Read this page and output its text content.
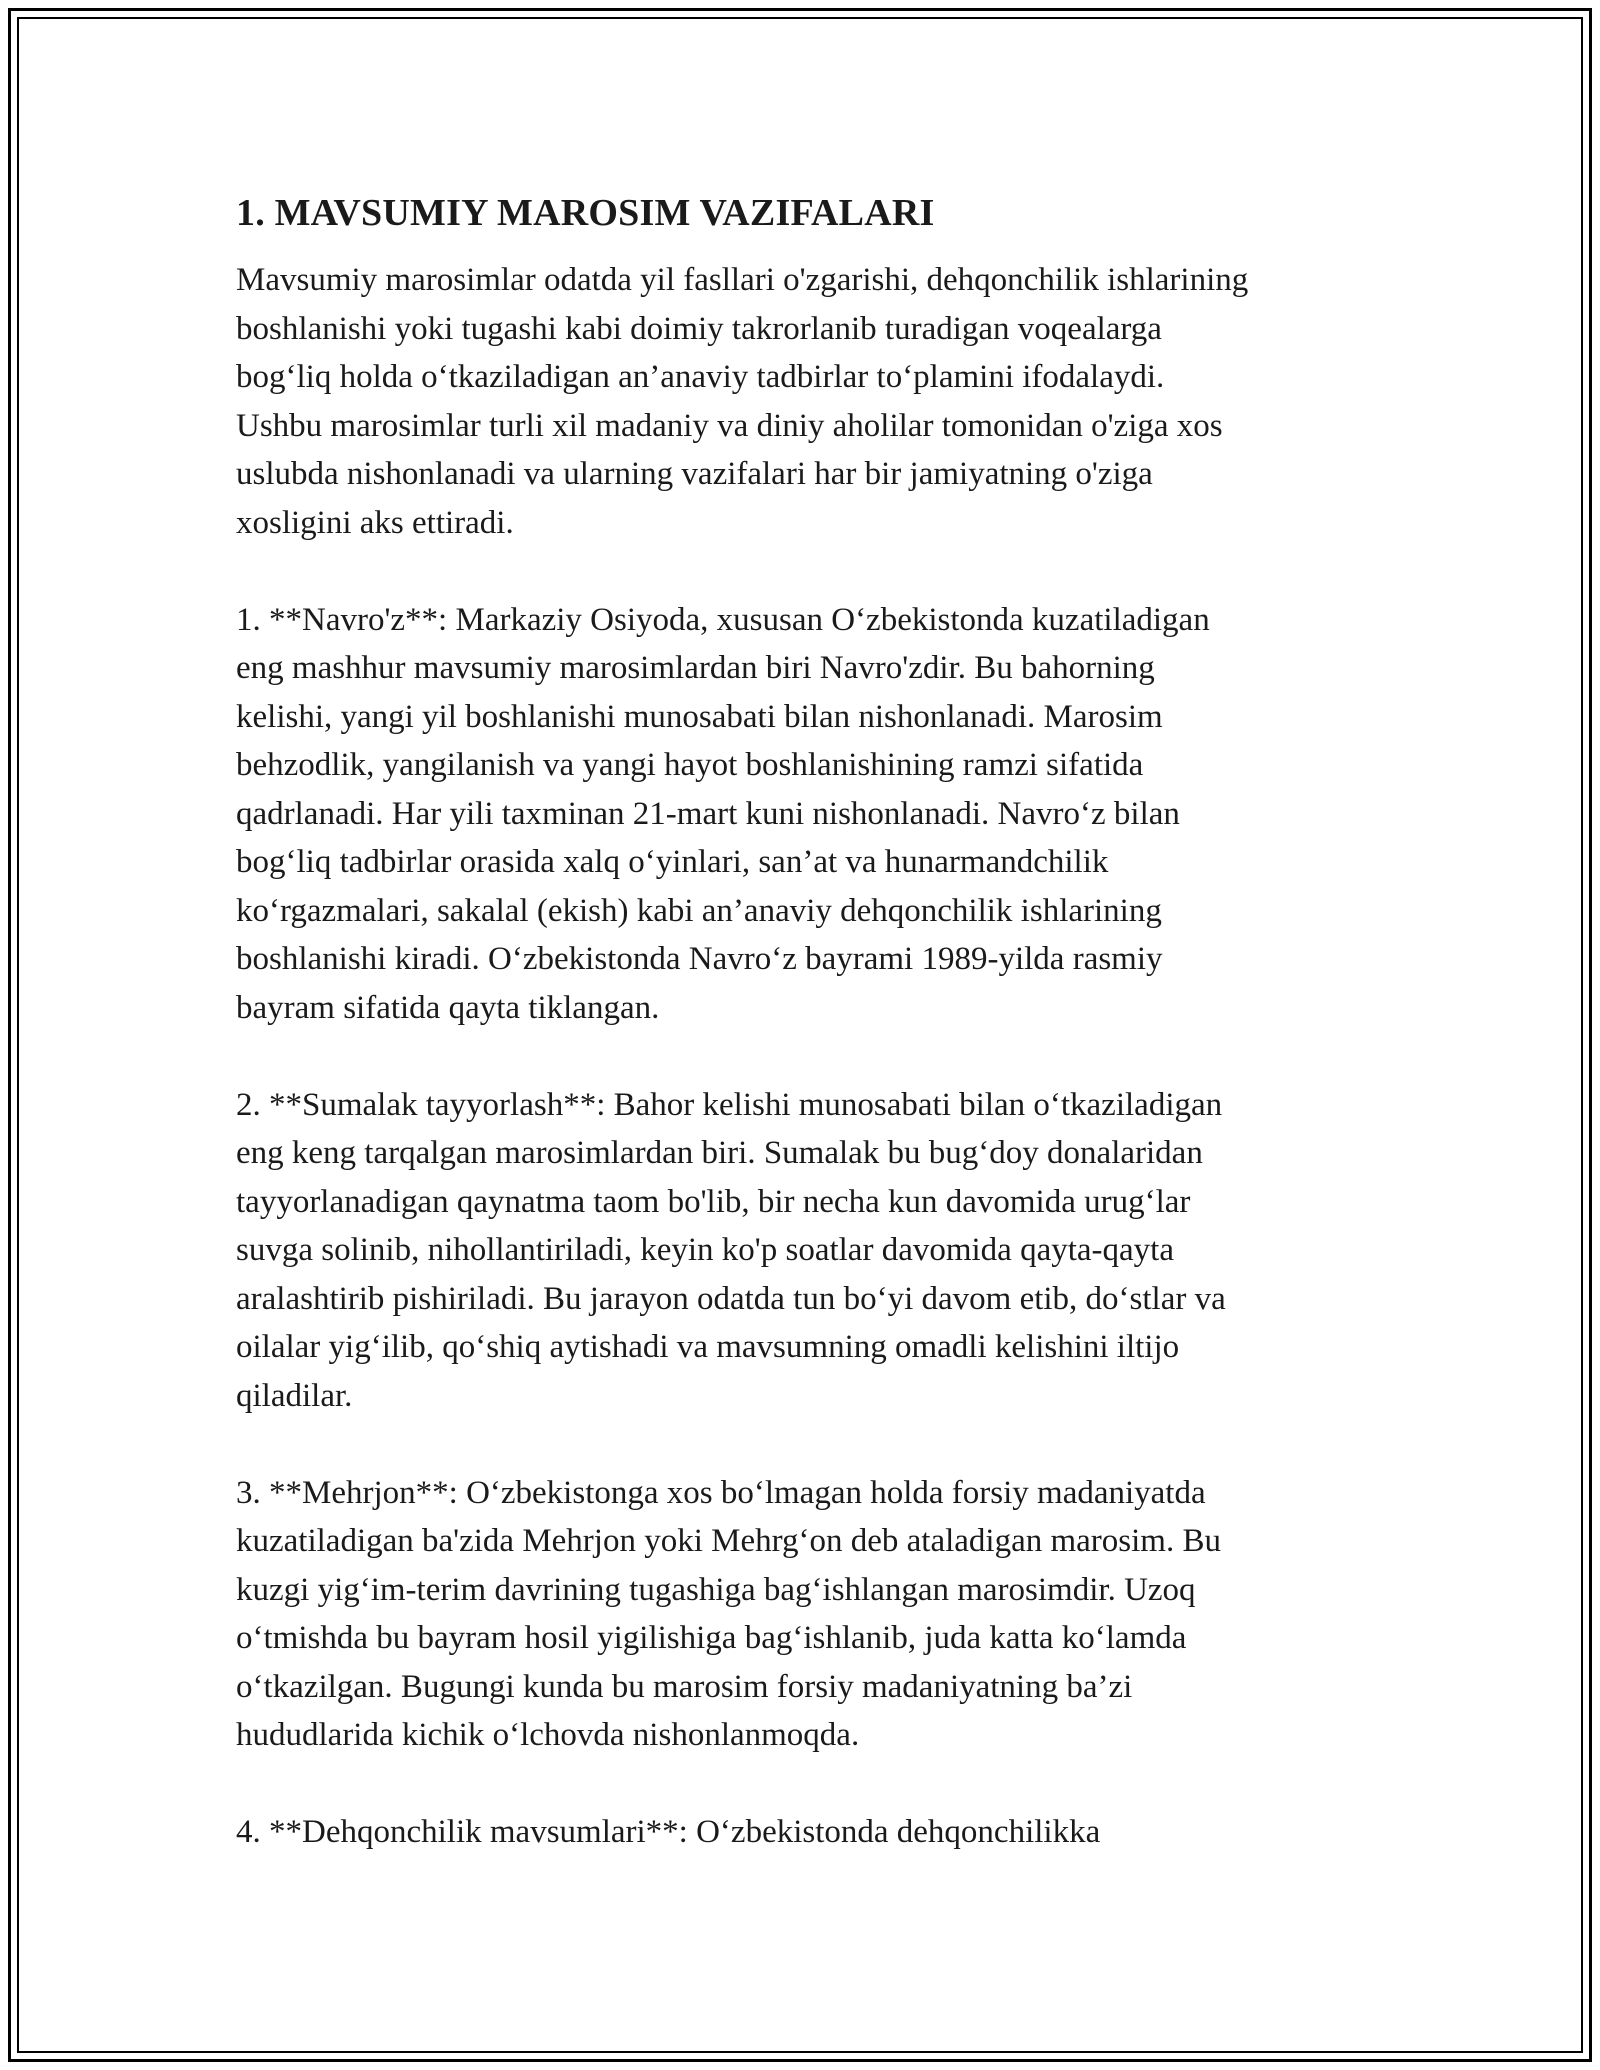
1. MAVSUMIY MAROSIM VAZIFALARI

Mavsumiy marosimlar odatda yil fasllari o'zgarishi, dehqonchilik ishlarining
boshlanishi yoki tugashi kabi doimiy takrorlanib turadigan voqealarga
bog‘liq holda o‘tkaziladigan an’anaviy tadbirlar to‘plamini ifodalaydi.
Ushbu marosimlar turli xil madaniy va diniy aholilar tomonidan o'ziga xos
uslubda nishonlanadi va ularning vazifalari har bir jamiyatning o'ziga
xosligini aks ettiradi.

1. **Navro'z**: Markaziy Osiyoda, xususan O‘zbekistonda kuzatiladigan
eng mashhur mavsumiy marosimlardan biri Navro'zdir. Bu bahorning
kelishi, yangi yil boshlanishi munosabati bilan nishonlanadi. Marosim
behzodlik, yangilanish va yangi hayot boshlanishining ramzi sifatida
qadrlanadi. Har yili taxminan 21-mart kuni nishonlanadi. Navro‘z bilan
bog‘liq tadbirlar orasida xalq o‘yinlari, san’at va hunarmandchilik
ko‘rgazmalari, sakalal (ekish) kabi an’anaviy dehqonchilik ishlarining
boshlanishi kiradi. O‘zbekistonda Navro‘z bayrami 1989-yilda rasmiy
bayram sifatida qayta tiklangan.

2. **Sumalak tayyorlash**: Bahor kelishi munosabati bilan o‘tkaziladigan
eng keng tarqalgan marosimlardan biri. Sumalak bu bug‘doy donalaridan
tayyorlanadigan qaynatma taom bo'lib, bir necha kun davomida urug‘lar
suvga solinib, nihollantiriladi, keyin ko'p soatlar davomida qayta-qayta
aralashtirib pishiriladi. Bu jarayon odatda tun bo‘yi davom etib, do‘stlar va
oilalar yig‘ilib, qo‘shiq aytishadi va mavsumning omadli kelishini iltijo
qiladilar.

3. **Mehrjon**: O‘zbekistonga xos bo‘lmagan holda forsiy madaniyatda
kuzatiladigan ba'zida Mehrjon yoki Mehrg‘on deb ataladigan marosim. Bu
kuzgi yig‘im-terim davrining tugashiga bag‘ishlangan marosimdir. Uzoq
o‘tmishda bu bayram hosil yigilishiga bag‘ishlanib, juda katta ko‘lamda
o‘tkazilgan. Bugungi kunda bu marosim forsiy madaniyatning ba’zi
hududlarida kichik o‘lchovda nishonlanmoqda.

4. **Dehqonchilik mavsumlari**: O‘zbekistonda dehqonchilikka
